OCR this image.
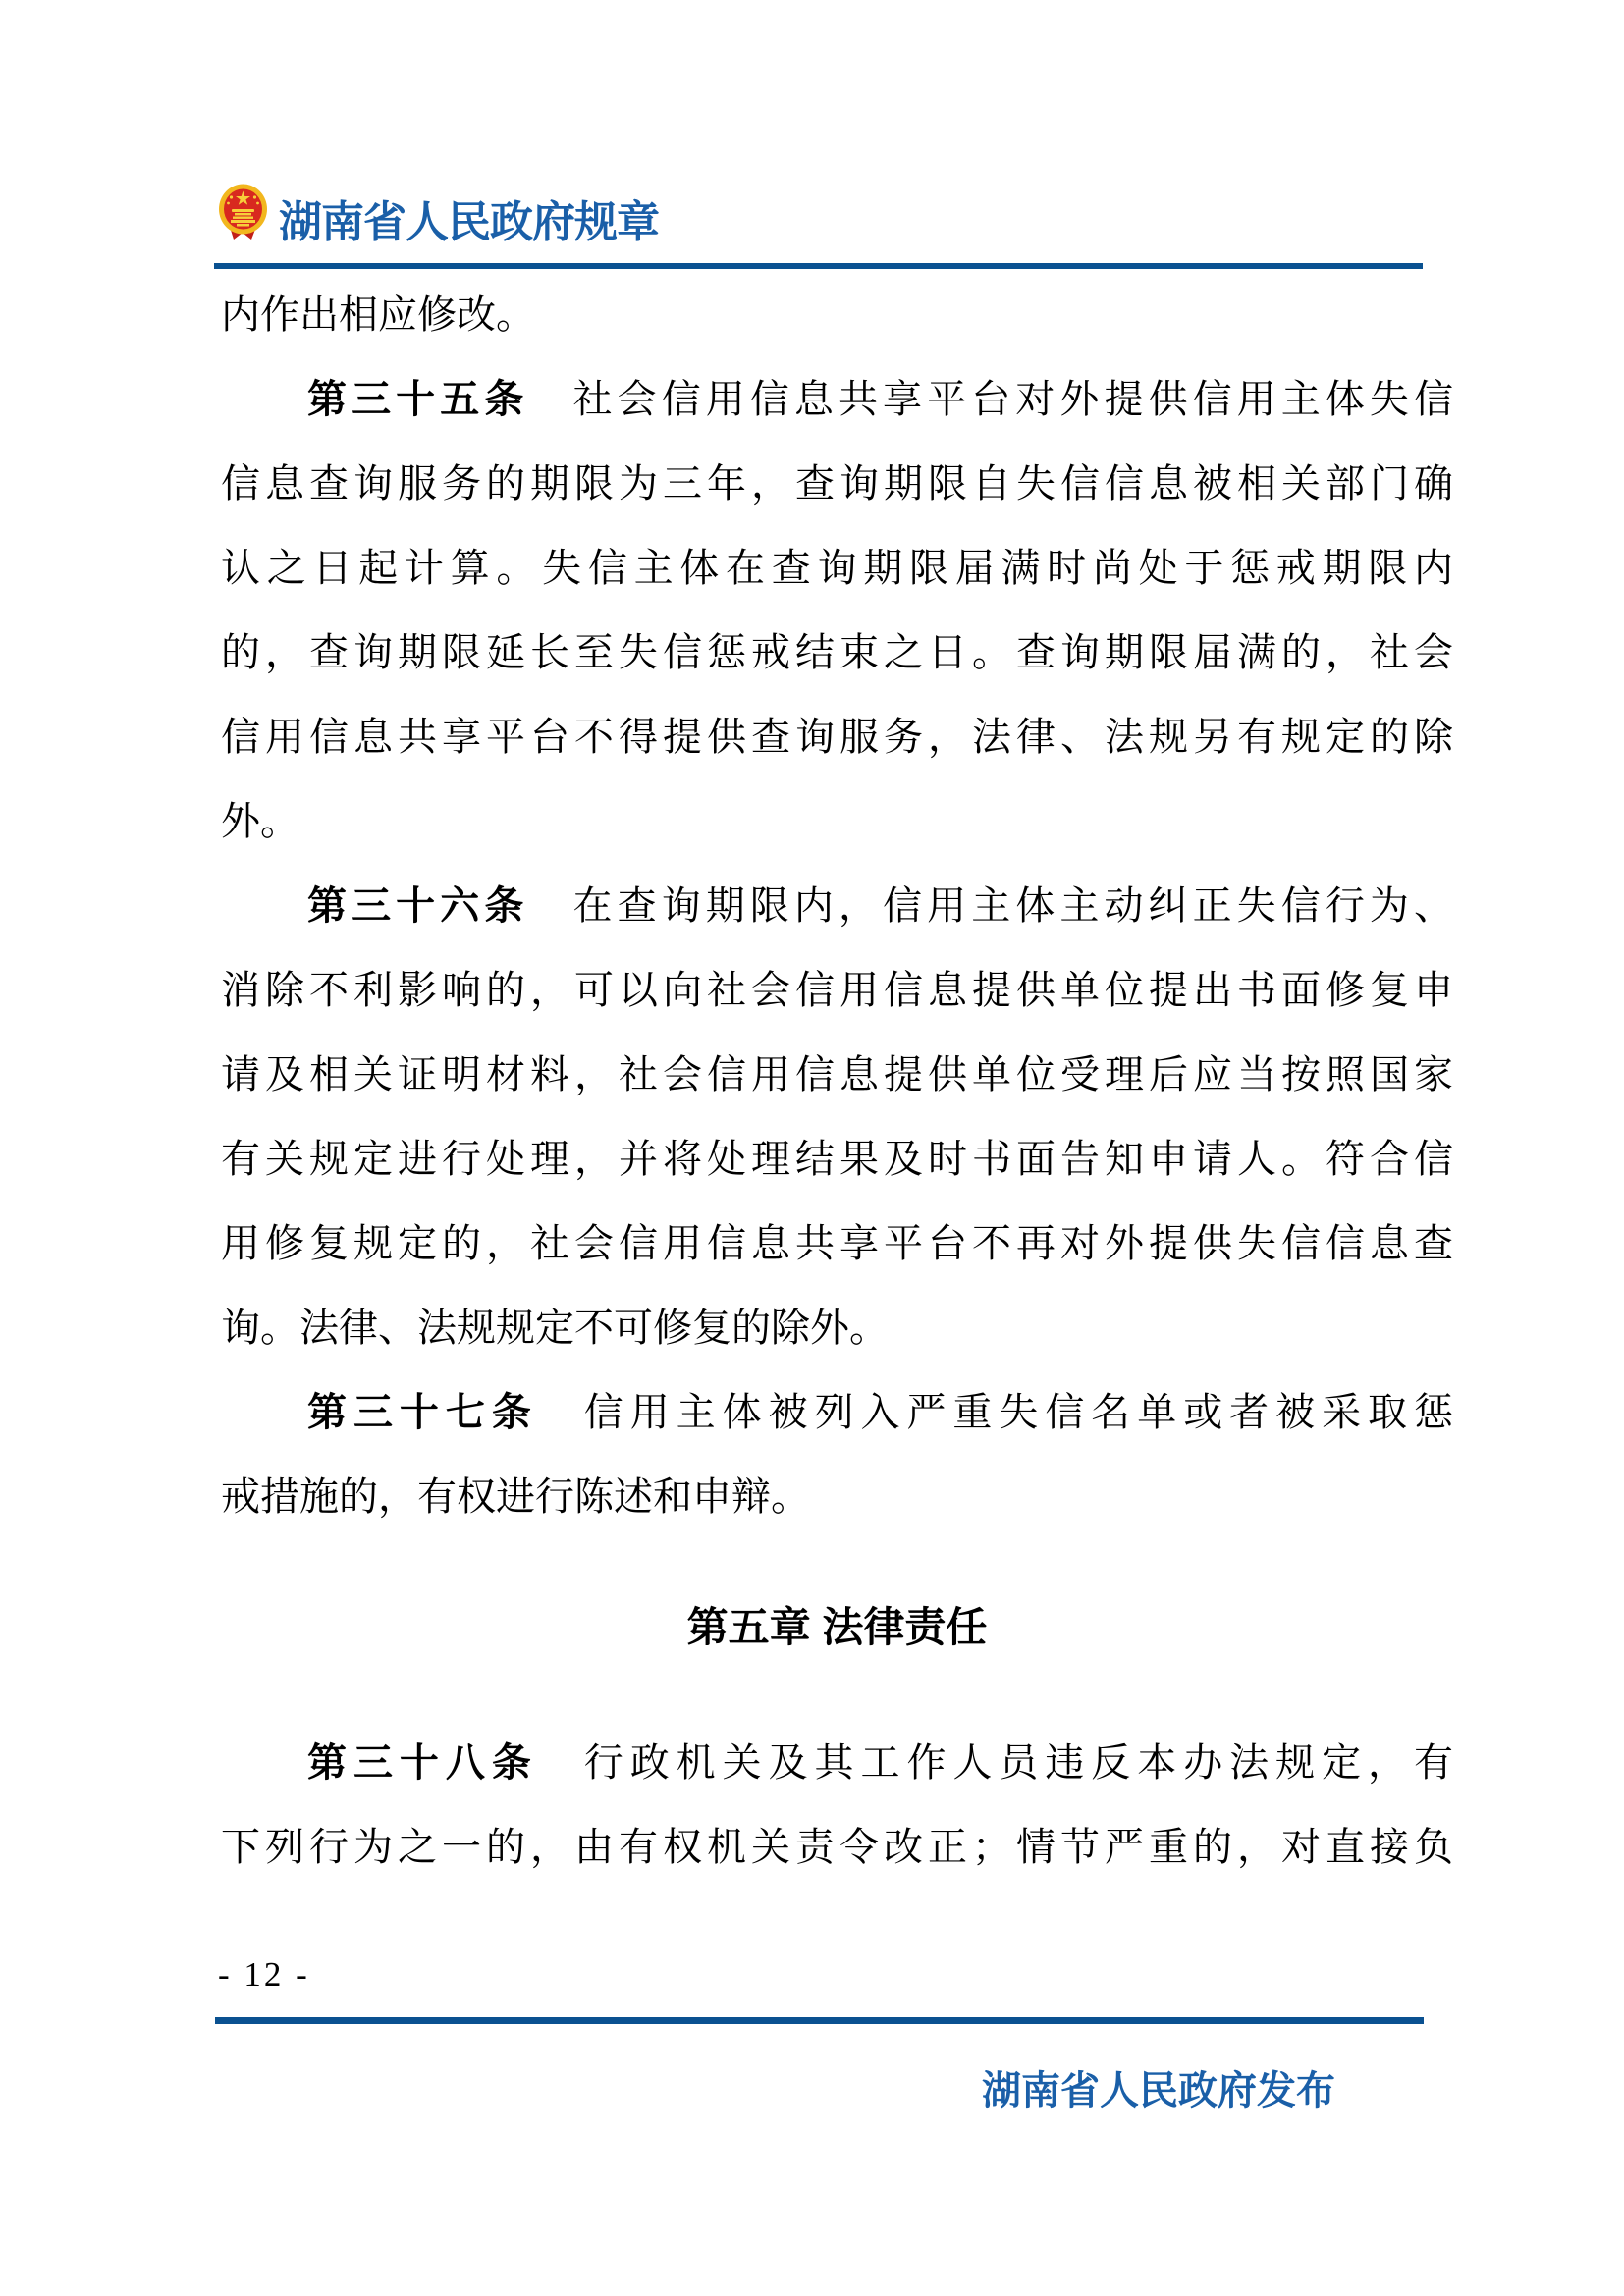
湖南省人民政府规章
内作出相应修改。
第三十五条　社会信用信息共享平台对外提供信用主体失信
信息查询服务的期限为三年，查询期限自失信信息被相关部门确
认之日起计算。失信主体在查询期限届满时尚处于惩戒期限内
的，查询期限延长至失信惩戒结束之日。查询期限届满的，社会
信用信息共享平台不得提供查询服务，法律、法规另有规定的除
外。
第三十六条　在查询期限内，信用主体主动纠正失信行为、
消除不利影响的，可以向社会信用信息提供单位提出书面修复申
请及相关证明材料，社会信用信息提供单位受理后应当按照国家
有关规定进行处理，并将处理结果及时书面告知申请人。符合信
用修复规定的，社会信用信息共享平台不再对外提供失信信息查
询。法律、法规规定不可修复的除外。
第三十七条　信用主体被列入严重失信名单或者被采取惩
戒措施的，有权进行陈述和申辩。
第五章 法律责任
第三十八条　行政机关及其工作人员违反本办法规定，有
下列行为之一的，由有权机关责令改正；情节严重的，对直接负
- 12 -
湖南省人民政府发布
